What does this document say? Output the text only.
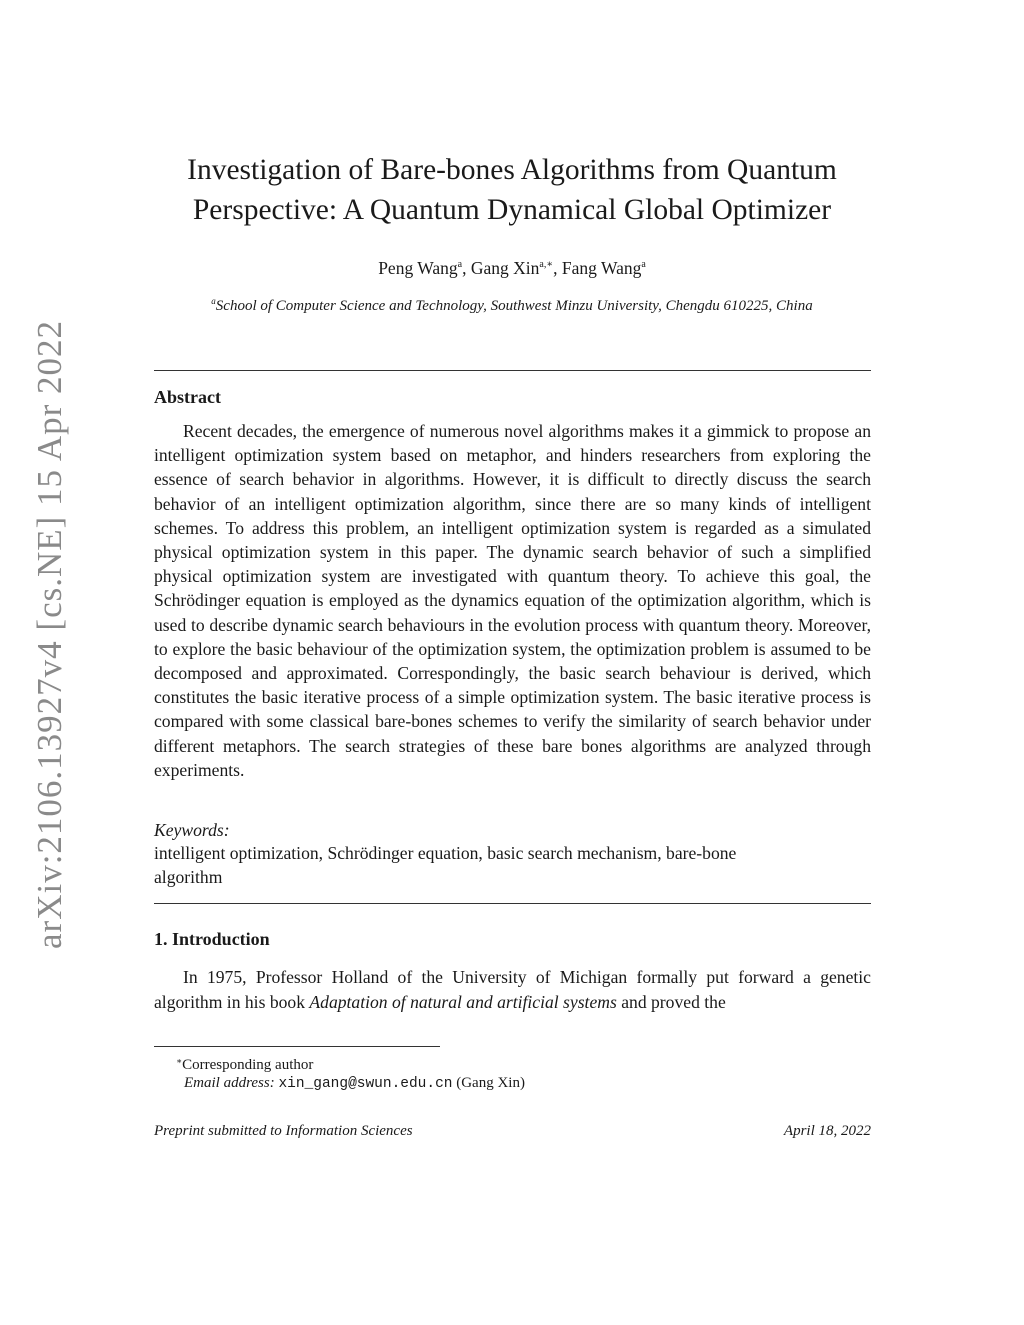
arXiv:2106.13927v4 [cs.NE] 15 Apr 2022
Investigation of Bare-bones Algorithms from Quantum
Perspective: A Quantum Dynamical Global Optimizer
Peng Wang$^a$, Gang Xin$^{a,∗}$, Fang Wang$^a$
$^a$School of Computer Science and Technology, Southwest Minzu University, Chengdu 610225, China
Abstract

Recent decades, the emergence of numerous novel algorithms makes it a gimmick to propose an intelligent optimization system based on metaphor, and hinders researchers from exploring the essence of search behavior in algorithms. However, it is difficult to directly discuss the search behavior of an intelligent optimization algorithm, since there are so many kinds of intelligent schemes. To address this problem, an intelligent optimization system is regarded as a simulated physical optimization system in this paper. The dynamic search behavior of such a simplified physical optimization system are investigated with quantum theory. To achieve this goal, the Schrödinger equation is employed as the dynamics equation of the optimization algorithm, which is used to describe dynamic search behaviours in the evolution process with quantum theory. Moreover, to explore the basic behaviour of the optimization system, the optimization problem is assumed to be decomposed and approximated. Correspondingly, the basic search behaviour is derived, which constitutes the basic iterative process of a simple optimization system. The basic iterative process is compared with some classical bare-bones schemes to verify the similarity of search behavior under different metaphors. The search strategies of these bare bones algorithms are analyzed through experiments.

Keywords:
intelligent optimization, Schrödinger equation, basic search mechanism, bare-bone
algorithm
1. Introduction

In 1975, Professor Holland of the University of Michigan formally put forward a genetic algorithm in his book Adaptation of natural and artificial systems and proved the

∗Corresponding author
Email address: xin_gang@swun.edu.cn (Gang Xin)
Preprint submitted to Information Sciences	April 18, 2022
